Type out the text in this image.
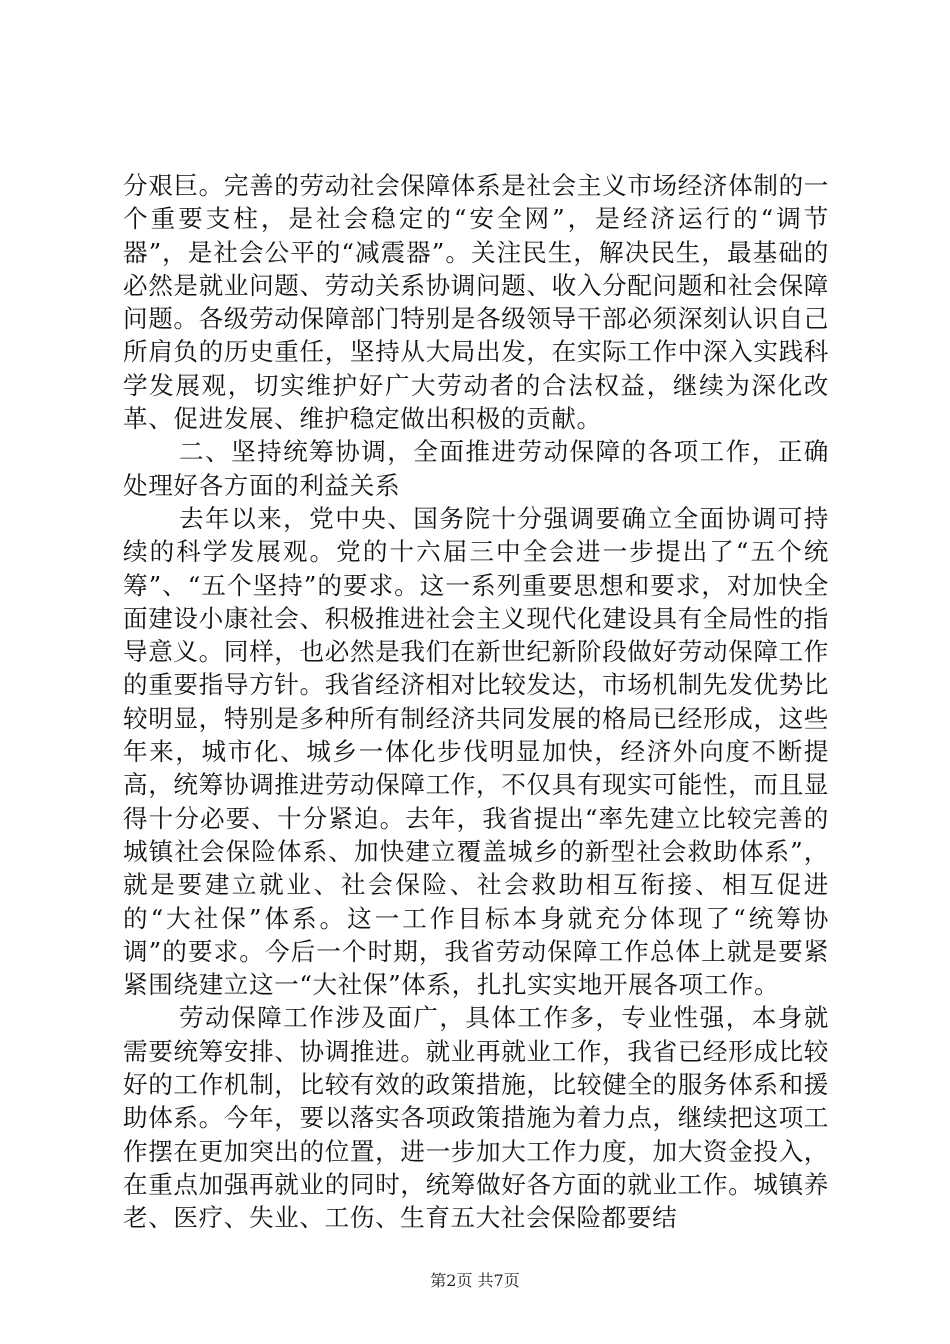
分艰巨。完善的劳动社会保障体系是社会主义市场经济体制的一个重要支柱，是社会稳定的“安全网”，是经济运行的“调节器”，是社会公平的“减震器”。关注民生，解决民生，最基础的必然是就业问题、劳动关系协调问题、收入分配问题和社会保障问题。各级劳动保障部门特别是各级领导干部必须深刻认识自己所肩负的历史重任，坚持从大局出发，在实际工作中深入实践科学发展观，切实维护好广大劳动者的合法权益，继续为深化改革、促进发展、维护稳定做出积极的贡献。

二、坚持统筹协调，全面推进劳动保障的各项工作，正确处理好各方面的利益关系

去年以来，党中央、国务院十分强调要确立全面协调可持续的科学发展观。党的十六届三中全会进一步提出了“五个统筹”、“五个坚持”的要求。这一系列重要思想和要求，对加快全面建设小康社会、积极推进社会主义现代化建设具有全局性的指导意义。同样，也必然是我们在新世纪新阶段做好劳动保障工作的重要指导方针。我省经济相对比较发达，市场机制先发优势比较明显，特别是多种所有制经济共同发展的格局已经形成，这些年来，城市化、城乡一体化步伐明显加快，经济外向度不断提高，统筹协调推进劳动保障工作，不仅具有现实可能性，而且显得十分必要、十分紧迫。去年，我省提出“率先建立比较完善的城镇社会保险体系、加快建立覆盖城乡的新型社会救助体系”，就是要建立就业、社会保险、社会救助相互衔接、相互促进的“大社保”体系。这一工作目标本身就充分体现了“统筹协调”的要求。今后一个时期，我省劳动保障工作总体上就是要紧紧围绕建立这一“大社保”体系，扎扎实实地开展各项工作。

劳动保障工作涉及面广，具体工作多，专业性强，本身就需要统筹安排、协调推进。就业再就业工作，我省已经形成比较好的工作机制，比较有效的政策措施，比较健全的服务体系和援助体系。今年，要以落实各项政策措施为着力点，继续把这项工作摆在更加突出的位置，进一步加大工作力度，加大资金投入，在重点加强再就业的同时，统筹做好各方面的就业工作。城镇养老、医疗、失业、工伤、生育五大社会保险都要结

第2页 共7页
